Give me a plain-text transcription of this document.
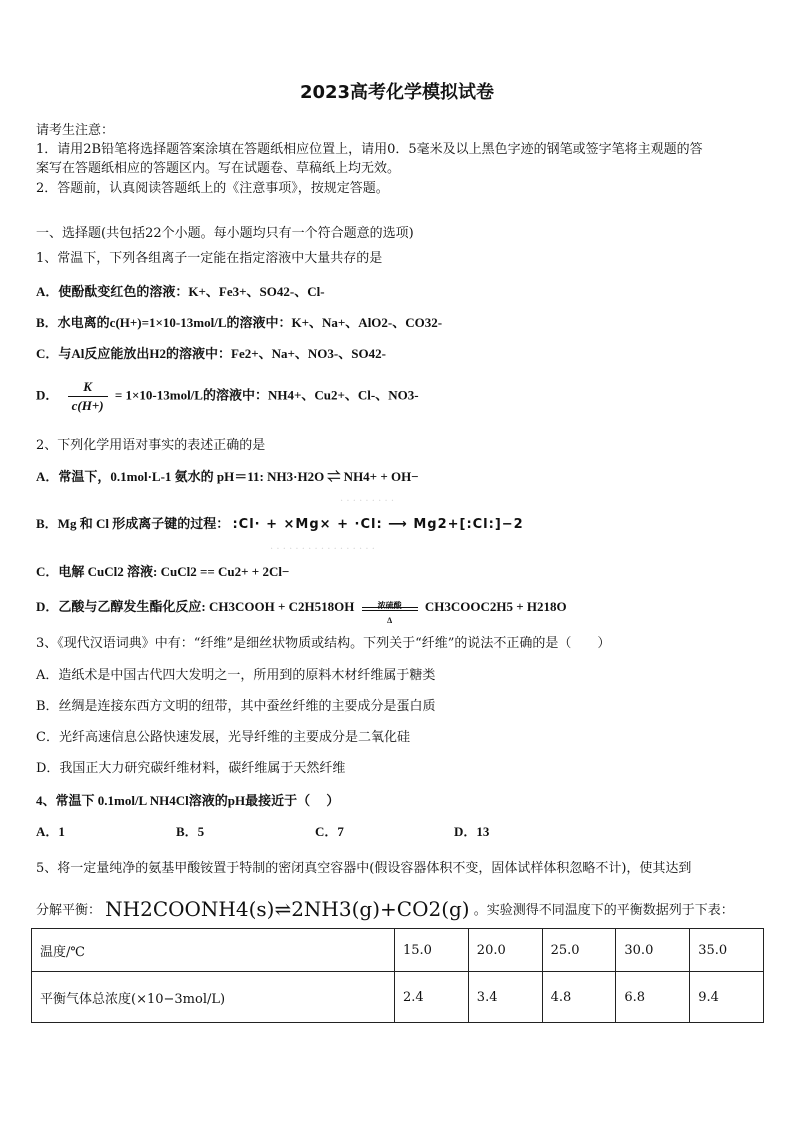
2023高考化学模拟试卷
请考生注意：
1．请用2B铅笔将选择题答案涂填在答题纸相应位置上，请用0．5毫米及以上黑色字迹的钢笔或签字笔将主观题的答
案写在答题纸相应的答题区内。写在试题卷、草稿纸上均无效。
2．答题前，认真阅读答题纸上的《注意事项》，按规定答题。
一、选择题(共包括22个小题。每小题均只有一个符合题意的选项)
1、常温下，下列各组离子一定能在指定溶液中大量共存的是
A．使酚酞变红色的溶液：K+、Fe3+、SO42-、Cl-
B．水电离的c(H+)=1×10-13mol/L的溶液中：K+、Na+、AlO2-、CO32-
C．与Al反应能放出H2的溶液中：Fe2+、Na+、NO3-、SO42-
D． $\frac{K}{c(H+)} = 1\times 10-13mol/L$的溶液中：NH4+、Cu2+、Cl-、NO3-
2、下列化学用语对事实的表述正确的是
A．常温下，0.1mol·L-1 氨水的 pH＝11: NH3·H2O ⇌ NH4+ + OH−
· · · · · · · · ·
B．Mg 和 Cl 形成离子键的过程： :Cl· + ×Mg× + ·Cl: ⟶ Mg2+[:Cl:]−2
· · · · · · · · · · · · · · · · ·
C．电解 CuCl2 溶液: CuCl2 == Cu2+ + 2Cl−
D．乙酸与乙醇发生酯化反应: CH3COOH + C2H518OH	浓硫酸
Δ
CH3COOC2H5 + H218O
3、《现代汉语词典》中有：“纤维”是细丝状物质或结构。下列关于“纤维”的说法不正确的是（　　）
A．造纸术是中国古代四大发明之一，所用到的原料木材纤维属于糖类
B．丝绸是连接东西方文明的纽带，其中蚕丝纤维的主要成分是蛋白质
C．光纤高速信息公路快速发展，光导纤维的主要成分是二氧化硅
D．我国正大力研究碳纤维材料，碳纤维属于天然纤维
4、常温下 0.1mol/L NH4Cl溶液的pH最接近于（　 ）
A．1	B．5	C．7	D．13
5、将一定量纯净的氨基甲酸铵置于特制的密闭真空容器中(假设容器体积不变，固体试样体积忽略不计)，使其达到
分解平衡： NH2COONH4(s)⇌2NH3(g)+CO2(g) 。实验测得不同温度下的平衡数据列于下表：
温度/℃	15.0	20.0	25.0	30.0	35.0
平衡气体总浓度(×10−3mol/L)	2.4	3.4	4.8	6.8	9.4
